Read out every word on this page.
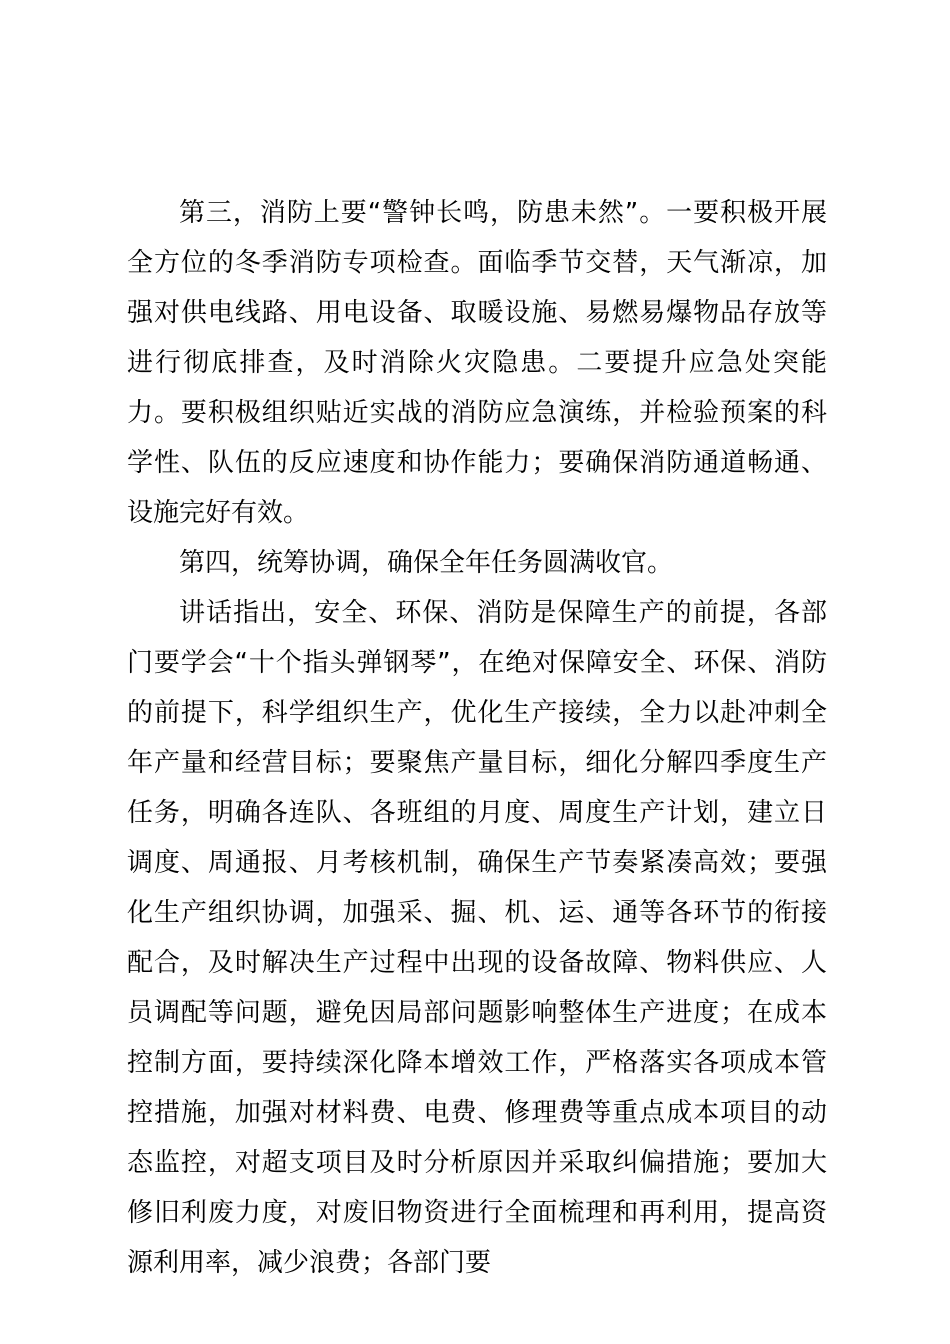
第三，消防上要“警钟长鸣，防患未然”。一要积极开展全方位的冬季消防专项检查。面临季节交替，天气渐凉，加强对供电线路、用电设备、取暖设施、易燃易爆物品存放等进行彻底排查，及时消除火灾隐患。二要提升应急处突能力。要积极组织贴近实战的消防应急演练，并检验预案的科学性、队伍的反应速度和协作能力；要确保消防通道畅通、设施完好有效。

第四，统筹协调，确保全年任务圆满收官。

讲话指出，安全、环保、消防是保障生产的前提，各部门要学会“十个指头弹钢琴”，在绝对保障安全、环保、消防的前提下，科学组织生产，优化生产接续，全力以赴冲刺全年产量和经营目标；要聚焦产量目标，细化分解四季度生产任务，明确各连队、各班组的月度、周度生产计划，建立日调度、周通报、月考核机制，确保生产节奏紧凑高效；要强化生产组织协调，加强采、掘、机、运、通等各环节的衔接配合，及时解决生产过程中出现的设备故障、物料供应、人员调配等问题，避免因局部问题影响整体生产进度；在成本控制方面，要持续深化降本增效工作，严格落实各项成本管控措施，加强对材料费、电费、修理费等重点成本项目的动态监控，对超支项目及时分析原因并采取纠偏措施；要加大修旧利废力度，对废旧物资进行全面梳理和再利用，提高资源利用率，减少浪费；各部门要
